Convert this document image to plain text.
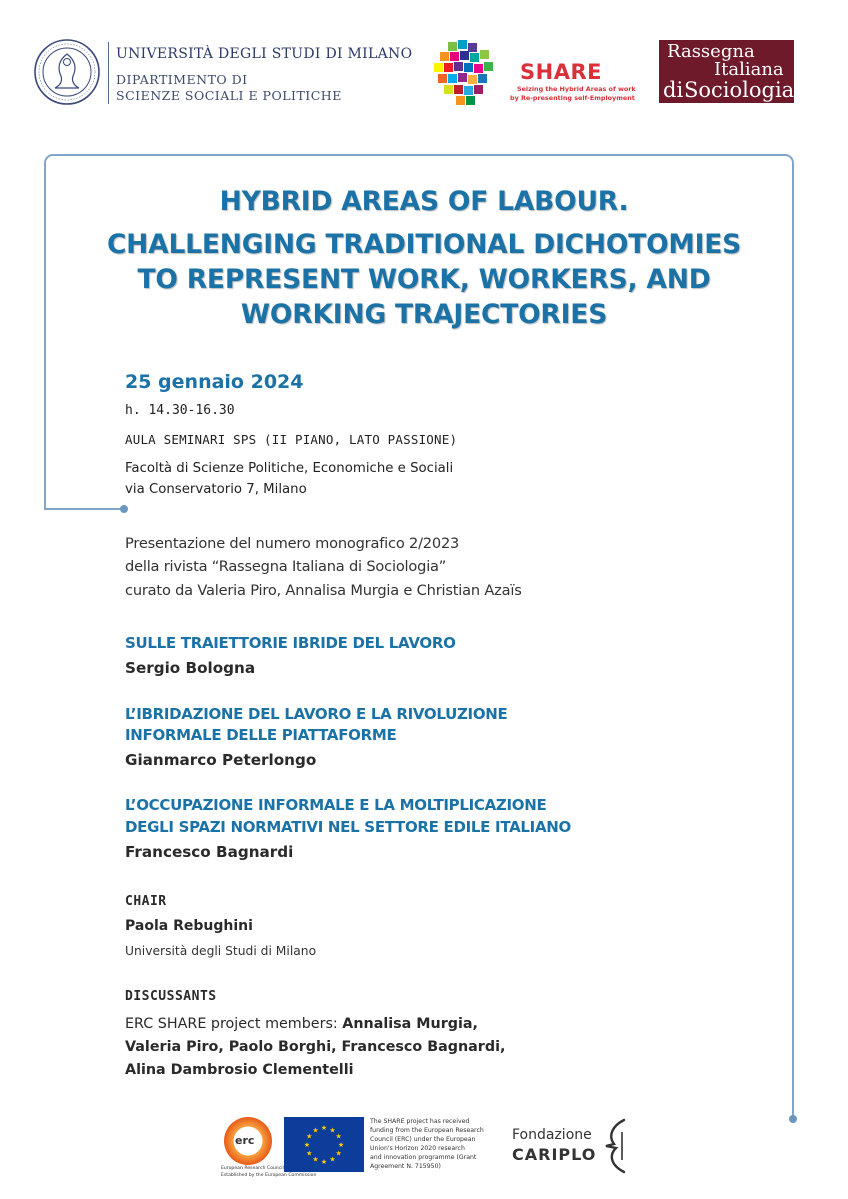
UNIVERSITÀ DEGLI STUDI DI MILANO
DIPARTIMENTO DI
SCIENZE SOCIALI E POLITICHE
SHARE
Seizing the Hybrid Areas of work
by Re-presenting self-Employment
Rassegna
Italiana
di Sociologia
HYBRID AREAS OF LABOUR.
CHALLENGING TRADITIONAL DICHOTOMIES
TO REPRESENT WORK, WORKERS, AND
WORKING TRAJECTORIES
25 gennaio 2024
h. 14.30-16.30
AULA SEMINARI SPS (II PIANO, LATO PASSIONE)
Facoltà di Scienze Politiche, Economiche e Sociali
via Conservatorio 7, Milano
Presentazione del numero monografico 2/2023
della rivista “Rassegna Italiana di Sociologia”
curato da Valeria Piro, Annalisa Murgia e Christian Azaïs
SULLE TRAIETTORIE IBRIDE DEL LAVORO
Sergio Bologna
L’IBRIDAZIONE DEL LAVORO E LA RIVOLUZIONE
INFORMALE DELLE PIATTAFORME
Gianmarco Peterlongo
L’OCCUPAZIONE INFORMALE E LA MOLTIPLICAZIONE
DEGLI SPAZI NORMATIVI NEL SETTORE EDILE ITALIANO
Francesco Bagnardi
CHAIR
Paola Rebughini
Università degli Studi di Milano
DISCUSSANTS
ERC SHARE project members: Annalisa Murgia,
Valeria Piro, Paolo Borghi, Francesco Bagnardi,
Alina Dambrosio Clementelli
erc
European Research Council
Established by the European Commission
★ ★
★
★
★
★
★
★
★
★
★
★
The SHARE project has received
funding from the European Research
Council (ERC) under the European
Union's Horizon 2020 research
and innovation programme (Grant
Agreement N. 715950)
Fondazione
CARIPLO
